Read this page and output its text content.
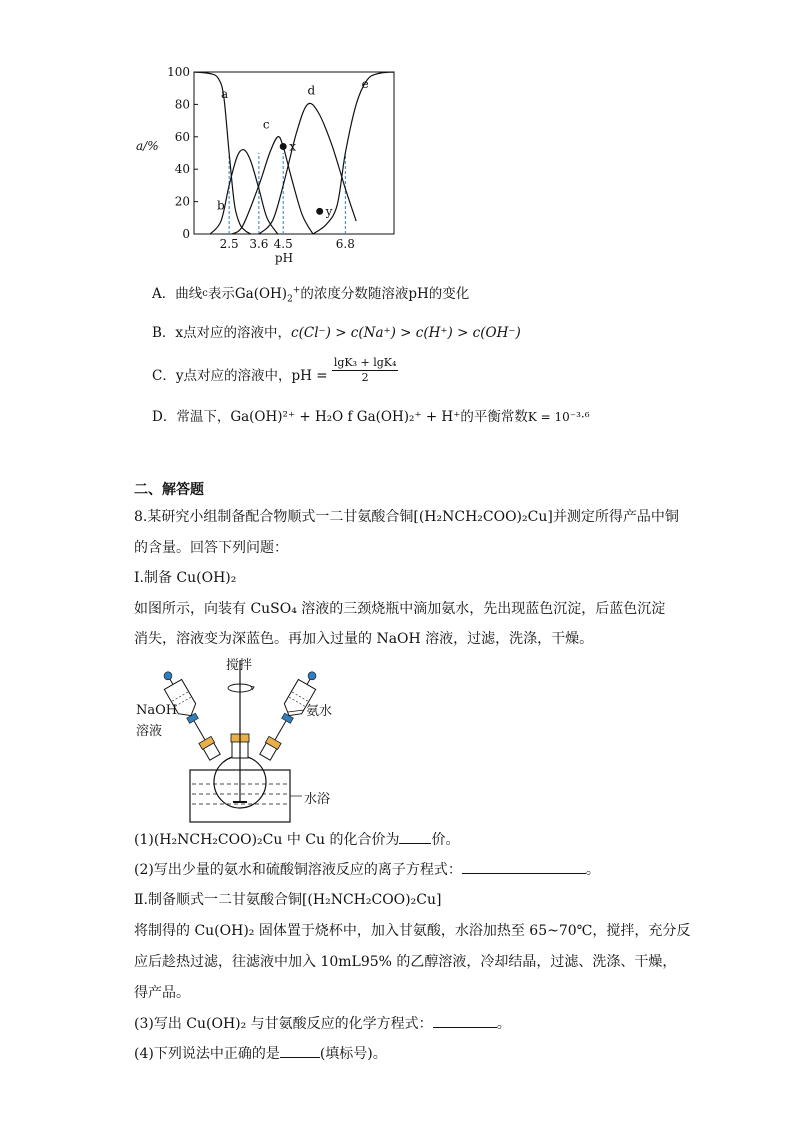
0
20
40
60
80
100
2.5 3.6 4.5	6.8
pH
a/%
a
b
c
d	e
x
y
A．曲线c表示$Ga(OH)_2^+$的浓度分数随溶液pH的变化
B．x点对应的溶液中，c(Cl⁻) > c(Na⁺) > c(H⁺) > c(OH⁻)
C．y点对应的溶液中，pH = $\frac{\text{lgK₃ + lgK₄}}{2}$
D．常温下，Ga(OH)²⁺ + H₂O f Ga(OH)₂⁺ + H⁺的平衡常数K = 10⁻³·⁶
二、解答题
8.某研究小组制备配合物顺式一二甘氨酸合铜[(H₂NCH₂COO)₂Cu]并测定所得产品中铜
的含量。回答下列问题：
Ⅰ.制备 Cu(OH)₂
如图所示，向装有 CuSO₄ 溶液的三颈烧瓶中滴加氨水，先出现蓝色沉淀，后蓝色沉淀
消失，溶液变为深蓝色。再加入过量的 NaOH 溶液，过滤，洗涤，干燥。
搅拌
NaOH
溶液
氨水
水浴
(1)(H₂NCH₂COO)₂Cu 中 Cu 的化合价为 价。
(2)写出少量的氨水和硫酸铜溶液反应的离子方程式：	。
Ⅱ.制备顺式一二甘氨酸合铜[(H₂NCH₂COO)₂Cu]
将制得的 Cu(OH)₂ 固体置于烧杯中，加入甘氨酸，水浴加热至 65~70℃，搅拌，充分反
应后趁热过滤，往滤液中加入 10mL95% 的乙醇溶液，冷却结晶，过滤、洗涤、干燥，
得产品。
(3)写出 Cu(OH)₂ 与甘氨酸反应的化学方程式：	。
(4)下列说法中正确的是	(填标号)。
